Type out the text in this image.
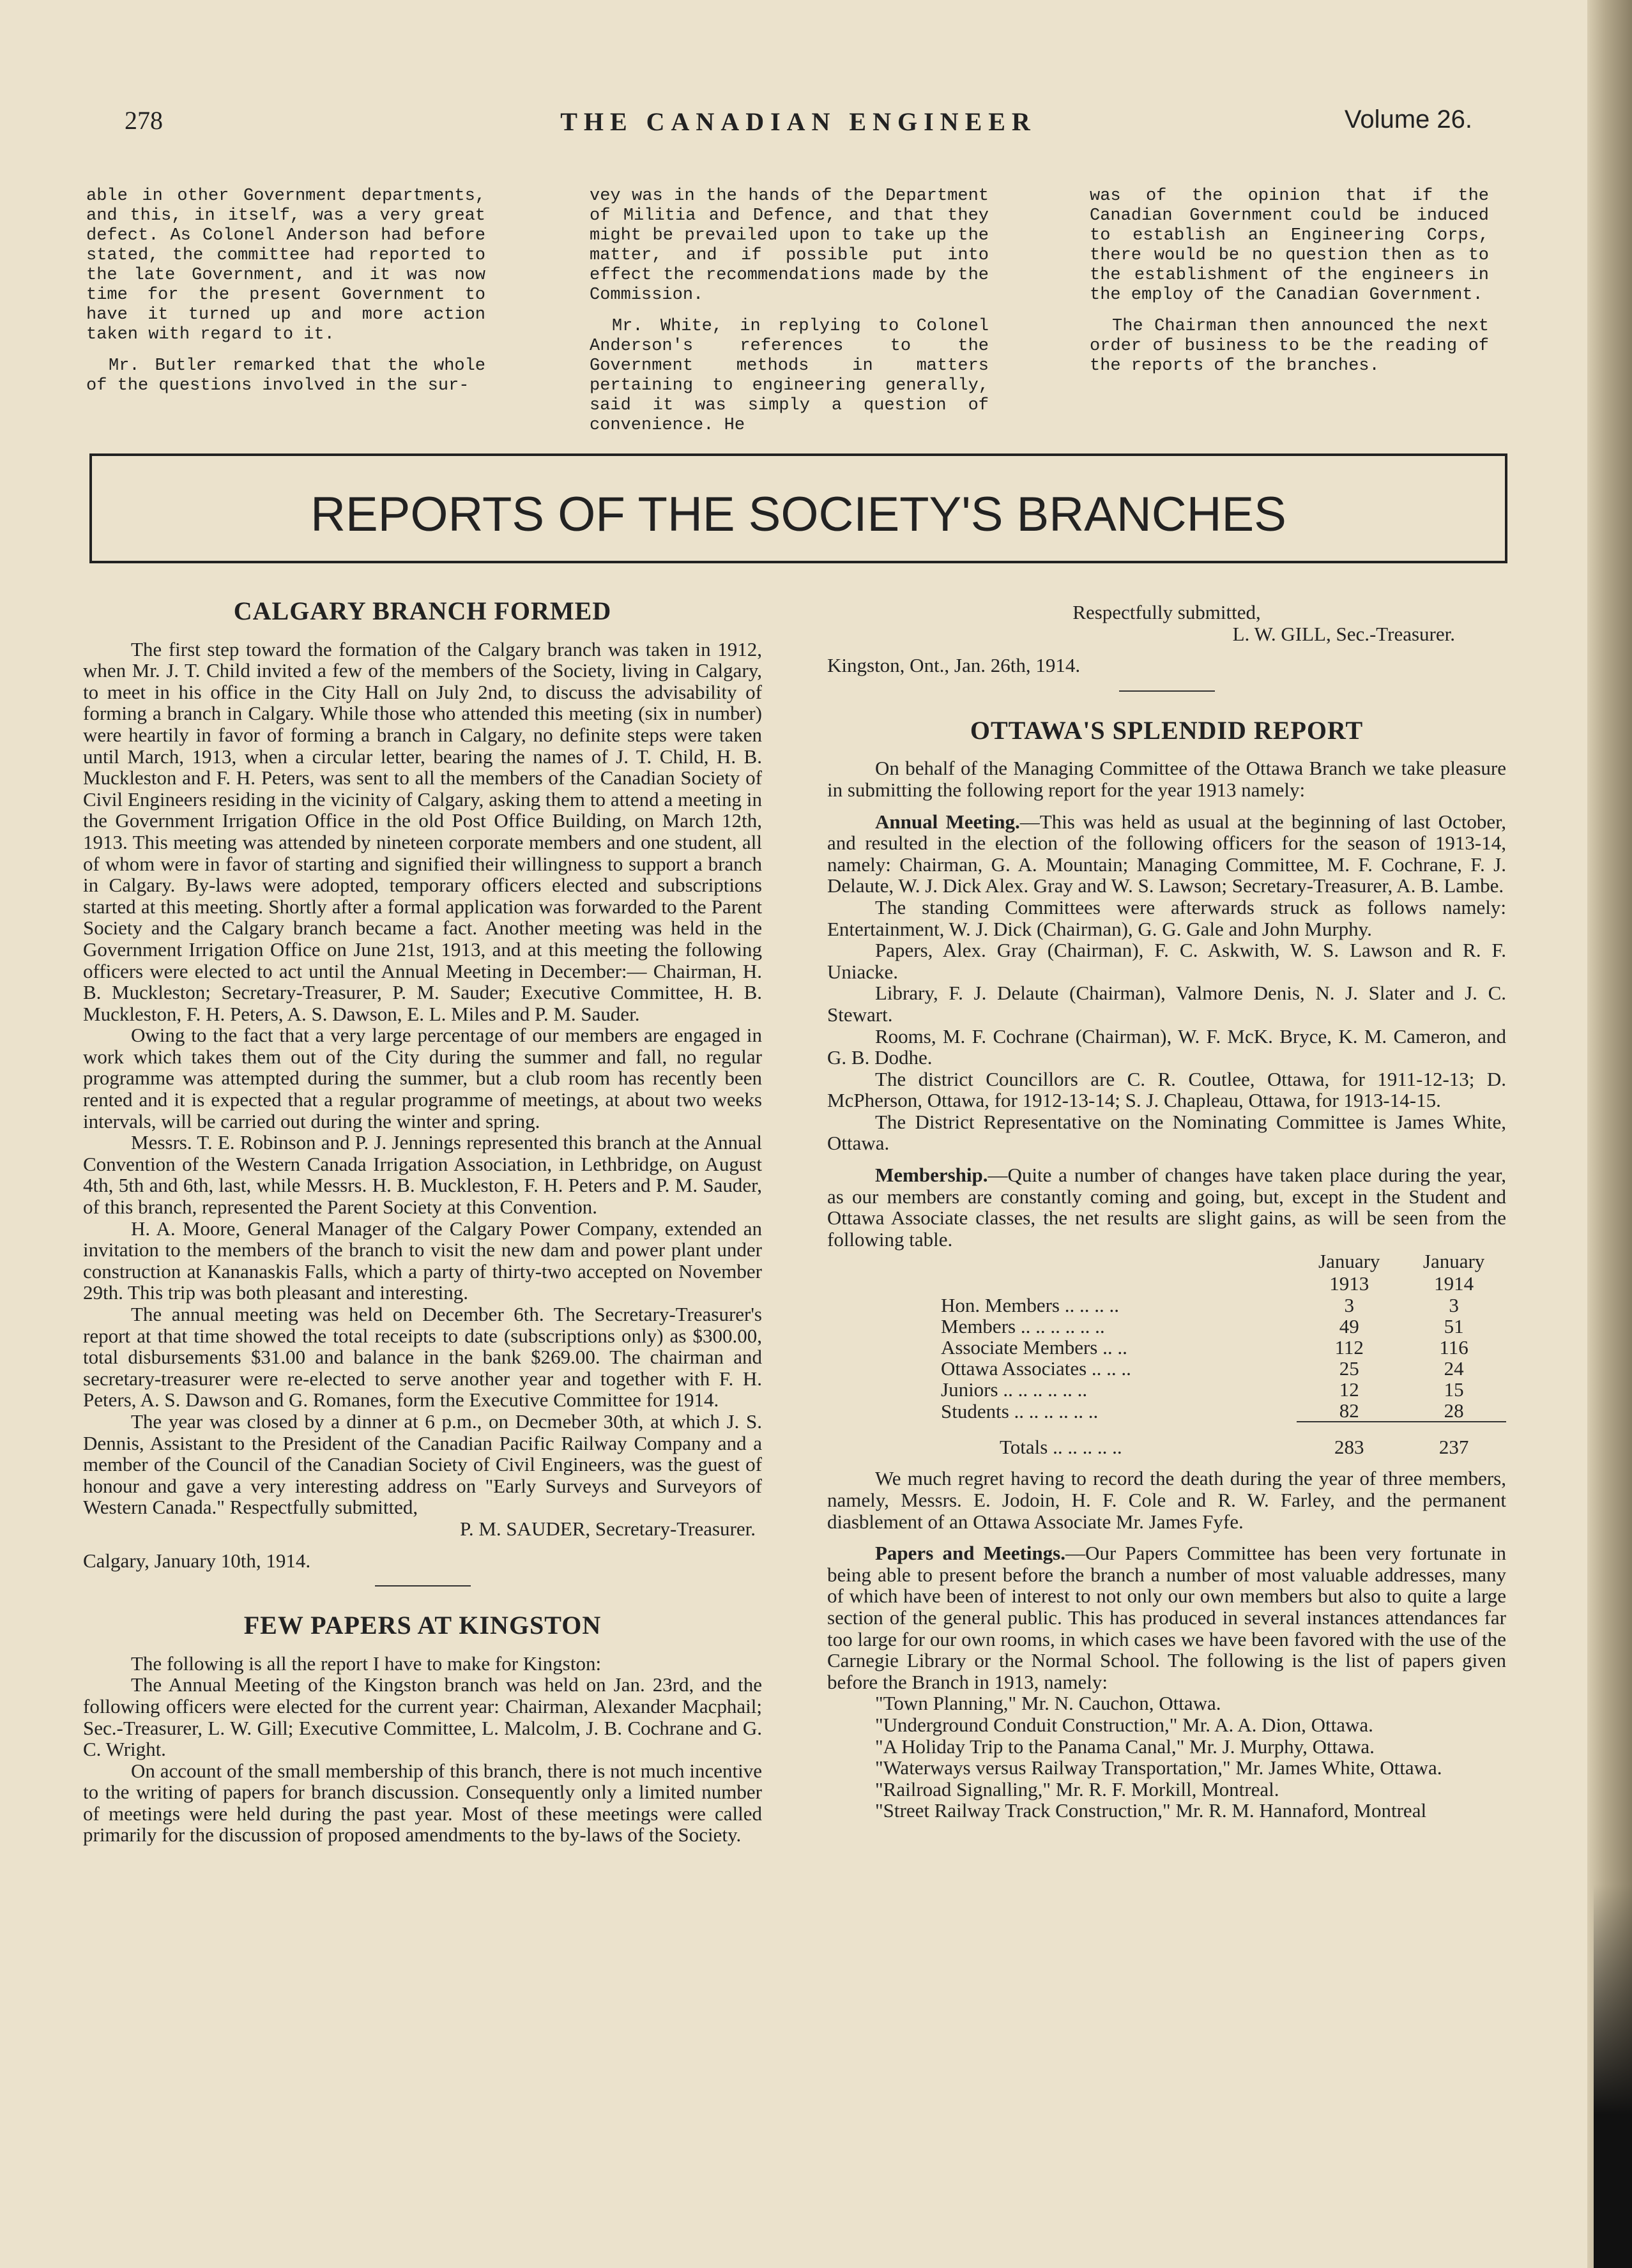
278	THE CANADIAN ENGINEER	Volume 26.

able in other Government departments, and this, in itself, was a very great defect. As Colonel Anderson had before stated, the committee had reported to the late Government, and it was now time for the present Government to have it turned up and more action taken with regard to it.

Mr. Butler remarked that the whole of the questions involved in the sur-

vey was in the hands of the Department of Militia and Defence, and that they might be prevailed upon to take up the matter, and if possible put into effect the recommendations made by the Commission.

Mr. White, in replying to Colonel Anderson's references to the Government methods in matters pertaining to engineering generally, said it was simply a question of convenience. He

was of the opinion that if the Canadian Government could be induced to establish an Engineering Corps, there would be no question then as to the establishment of the engineers in the employ of the Canadian Government.

The Chairman then announced the next order of business to be the reading of the reports of the branches.

REPORTS OF THE SOCIETY'S BRANCHES
CALGARY BRANCH FORMED

The first step toward the formation of the Calgary branch was taken in 1912, when Mr. J. T. Child invited a few of the members of the Society, living in Calgary, to meet in his office in the City Hall on July 2nd, to discuss the advisability of forming a branch in Calgary. While those who attended this meeting (six in number) were heartily in favor of forming a branch in Calgary, no definite steps were taken until March, 1913, when a circular letter, bearing the names of J. T. Child, H. B. Muckleston and F. H. Peters, was sent to all the members of the Canadian Society of Civil Engineers residing in the vicinity of Calgary, asking them to attend a meeting in the Government Irrigation Office in the old Post Office Building, on March 12th, 1913. This meeting was attended by nineteen corporate members and one student, all of whom were in favor of starting and signified their willingness to support a branch in Calgary. By-laws were adopted, temporary officers elected and subscriptions started at this meeting. Shortly after a formal application was forwarded to the Parent Society and the Calgary branch became a fact. Another meeting was held in the Government Irrigation Office on June 21st, 1913, and at this meeting the following officers were elected to act until the Annual Meeting in December:— Chairman, H. B. Muckleston; Secretary-Treasurer, P. M. Sauder; Executive Committee, H. B. Muckleston, F. H. Peters, A. S. Dawson, E. L. Miles and P. M. Sauder.

Owing to the fact that a very large percentage of our members are engaged in work which takes them out of the City during the summer and fall, no regular programme was attempted during the summer, but a club room has recently been rented and it is expected that a regular programme of meetings, at about two weeks intervals, will be carried out during the winter and spring.

Messrs. T. E. Robinson and P. J. Jennings represented this branch at the Annual Convention of the Western Canada Irrigation Association, in Lethbridge, on August 4th, 5th and 6th, last, while Messrs. H. B. Muckleston, F. H. Peters and P. M. Sauder, of this branch, represented the Parent Society at this Convention.

H. A. Moore, General Manager of the Calgary Power Company, extended an invitation to the members of the branch to visit the new dam and power plant under construction at Kananaskis Falls, which a party of thirty-two accepted on November 29th. This trip was both pleasant and interesting.

The annual meeting was held on December 6th. The Secretary-Treasurer's report at that time showed the total receipts to date (subscriptions only) as $300.00, total disbursements $31.00 and balance in the bank $269.00. The chairman and secretary-treasurer were re-elected to serve another year and together with F. H. Peters, A. S. Dawson and G. Romanes, form the Executive Committee for 1914.

The year was closed by a dinner at 6 p.m., on Decmeber 30th, at which J. S. Dennis, Assistant to the President of the Canadian Pacific Railway Company and a member of the Council of the Canadian Society of Civil Engineers, was the guest of honour and gave a very interesting address on "Early Surveys and Surveyors of Western Canada." Respectfully submitted,

P. M. SAUDER, Secretary-Treasurer.

Calgary, January 10th, 1914.

FEW PAPERS AT KINGSTON

The following is all the report I have to make for Kingston:

The Annual Meeting of the Kingston branch was held on Jan. 23rd, and the following officers were elected for the current year: Chairman, Alexander Macphail; Sec.-Treasurer, L. W. Gill; Executive Committee, L. Malcolm, J. B. Cochrane and G. C. Wright.

On account of the small membership of this branch, there is not much incentive to the writing of papers for branch discussion. Consequently only a limited number of meetings were held during the past year. Most of these meetings were called primarily for the discussion of proposed amendments to the by-laws of the Society.

Respectfully submitted,

L. W. GILL, Sec.-Treasurer.

Kingston, Ont., Jan. 26th, 1914.

OTTAWA'S SPLENDID REPORT

On behalf of the Managing Committee of the Ottawa Branch we take pleasure in submitting the following report for the year 1913 namely:

Annual Meeting.—This was held as usual at the beginning of last October, and resulted in the election of the following officers for the season of 1913-14, namely: Chairman, G. A. Mountain; Managing Committee, M. F. Cochrane, F. J. Delaute, W. J. Dick Alex. Gray and W. S. Lawson; Secretary-Treasurer, A. B. Lambe.

The standing Committees were afterwards struck as follows namely: Entertainment, W. J. Dick (Chairman), G. G. Gale and John Murphy.

Papers, Alex. Gray (Chairman), F. C. Askwith, W. S. Lawson and R. F. Uniacke.

Library, F. J. Delaute (Chairman), Valmore Denis, N. J. Slater and J. C. Stewart.

Rooms, M. F. Cochrane (Chairman), W. F. McK. Bryce, K. M. Cameron, and G. B. Dodhe.

The district Councillors are C. R. Coutlee, Ottawa, for 1911-12-13; D. McPherson, Ottawa, for 1912-13-14; S. J. Chapleau, Ottawa, for 1913-14-15.

The District Representative on the Nominating Committee is James White, Ottawa.

Membership.—Quite a number of changes have taken place during the year, as our members are constantly coming and going, but, except in the Student and Ottawa Associate classes, the net results are slight gains, as will be seen from the following table.

	January	January
	1913	1914
Hon. Members .. .. .. ..	3	3
Members .. .. .. .. .. ..	49	51
Associate Members .. ..	112	116
Ottawa Associates .. .. ..	25	24
Juniors .. .. .. .. .. ..	12	15
Students .. .. .. .. .. ..	82	28
Totals .. .. .. .. ..	283	237

We much regret having to record the death during the year of three members, namely, Messrs. E. Jodoin, H. F. Cole and R. W. Farley, and the permanent diasblement of an Ottawa Associate Mr. James Fyfe.

Papers and Meetings.—Our Papers Committee has been very fortunate in being able to present before the branch a number of most valuable addresses, many of which have been of interest to not only our own members but also to quite a large section of the general public. This has produced in several instances attendances far too large for our own rooms, in which cases we have been favored with the use of the Carnegie Library or the Normal School. The following is the list of papers given before the Branch in 1913, namely:

"Town Planning," Mr. N. Cauchon, Ottawa.

"Underground Conduit Construction," Mr. A. A. Dion, Ottawa.

"A Holiday Trip to the Panama Canal," Mr. J. Murphy, Ottawa.

"Waterways versus Railway Transportation," Mr. James White, Ottawa.

"Railroad Signalling," Mr. R. F. Morkill, Montreal.

"Street Railway Track Construction," Mr. R. M. Hannaford, Montreal
